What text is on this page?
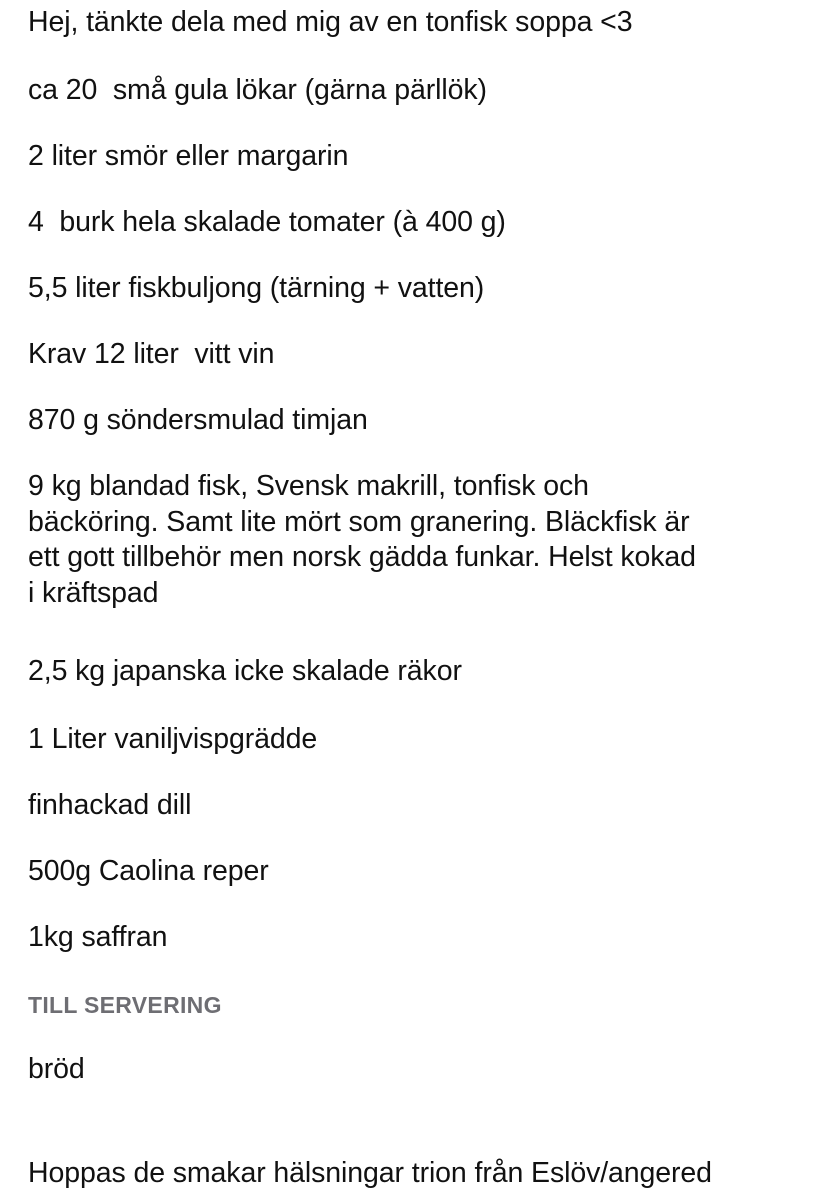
Hej, tänkte dela med mig av en tonfisk soppa <3
ca 20  små gula lökar (gärna pärllök)
2 liter smör eller margarin
4  burk hela skalade tomater (à 400 g)
5,5 liter fiskbuljong (tärning + vatten)
Krav 12 liter  vitt vin
870 g söndersmulad timjan
9 kg blandad fisk, Svensk makrill, tonfisk och
bäcköring. Samt lite mört som granering. Bläckfisk är
ett gott tillbehör men norsk gädda funkar. Helst kokad
i kräftspad
2,5 kg japanska icke skalade räkor
1 Liter vaniljvispgrädde
finhackad dill
500g Caolina reper
1kg saffran
TILL SERVERING
bröd
Hoppas de smakar hälsningar trion från Eslöv/angered
